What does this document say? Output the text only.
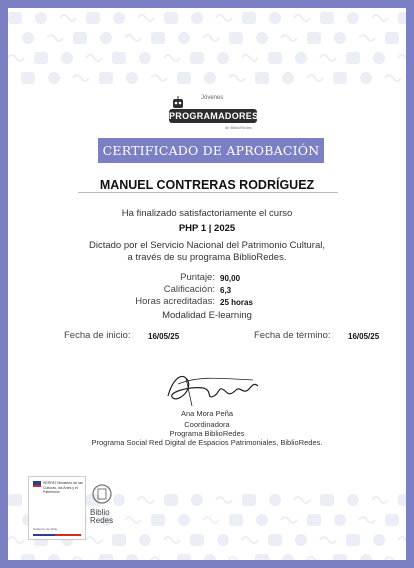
Jóvenes
PROGRAMADORES
de BiblioRedes
CERTIFICADO DE APROBACIÓN
MANUEL CONTRERAS RODRÍGUEZ
Ha finalizado satisfactoriamente el curso
PHP 1 | 2025
Dictado por el Servicio Nacional del Patrimonio Cultural,
a través de su programa BiblioRedes.
Puntaje: 90,00
Calificación: 6,3
Horas acreditadas: 25 horas
Modalidad E-learning
Fecha de inicio: 16/05/25	Fecha de término: 16/05/25
Ana Mora Peña
Coordinadora
Programa BiblioRedes
Programa Social Red Digital de Espacios Patrimoniales, BiblioRedes.
SERPAT Ministerio de las Culturas, las Artes y el Patrimonio
Gobierno de Chile
Biblio
Redes
